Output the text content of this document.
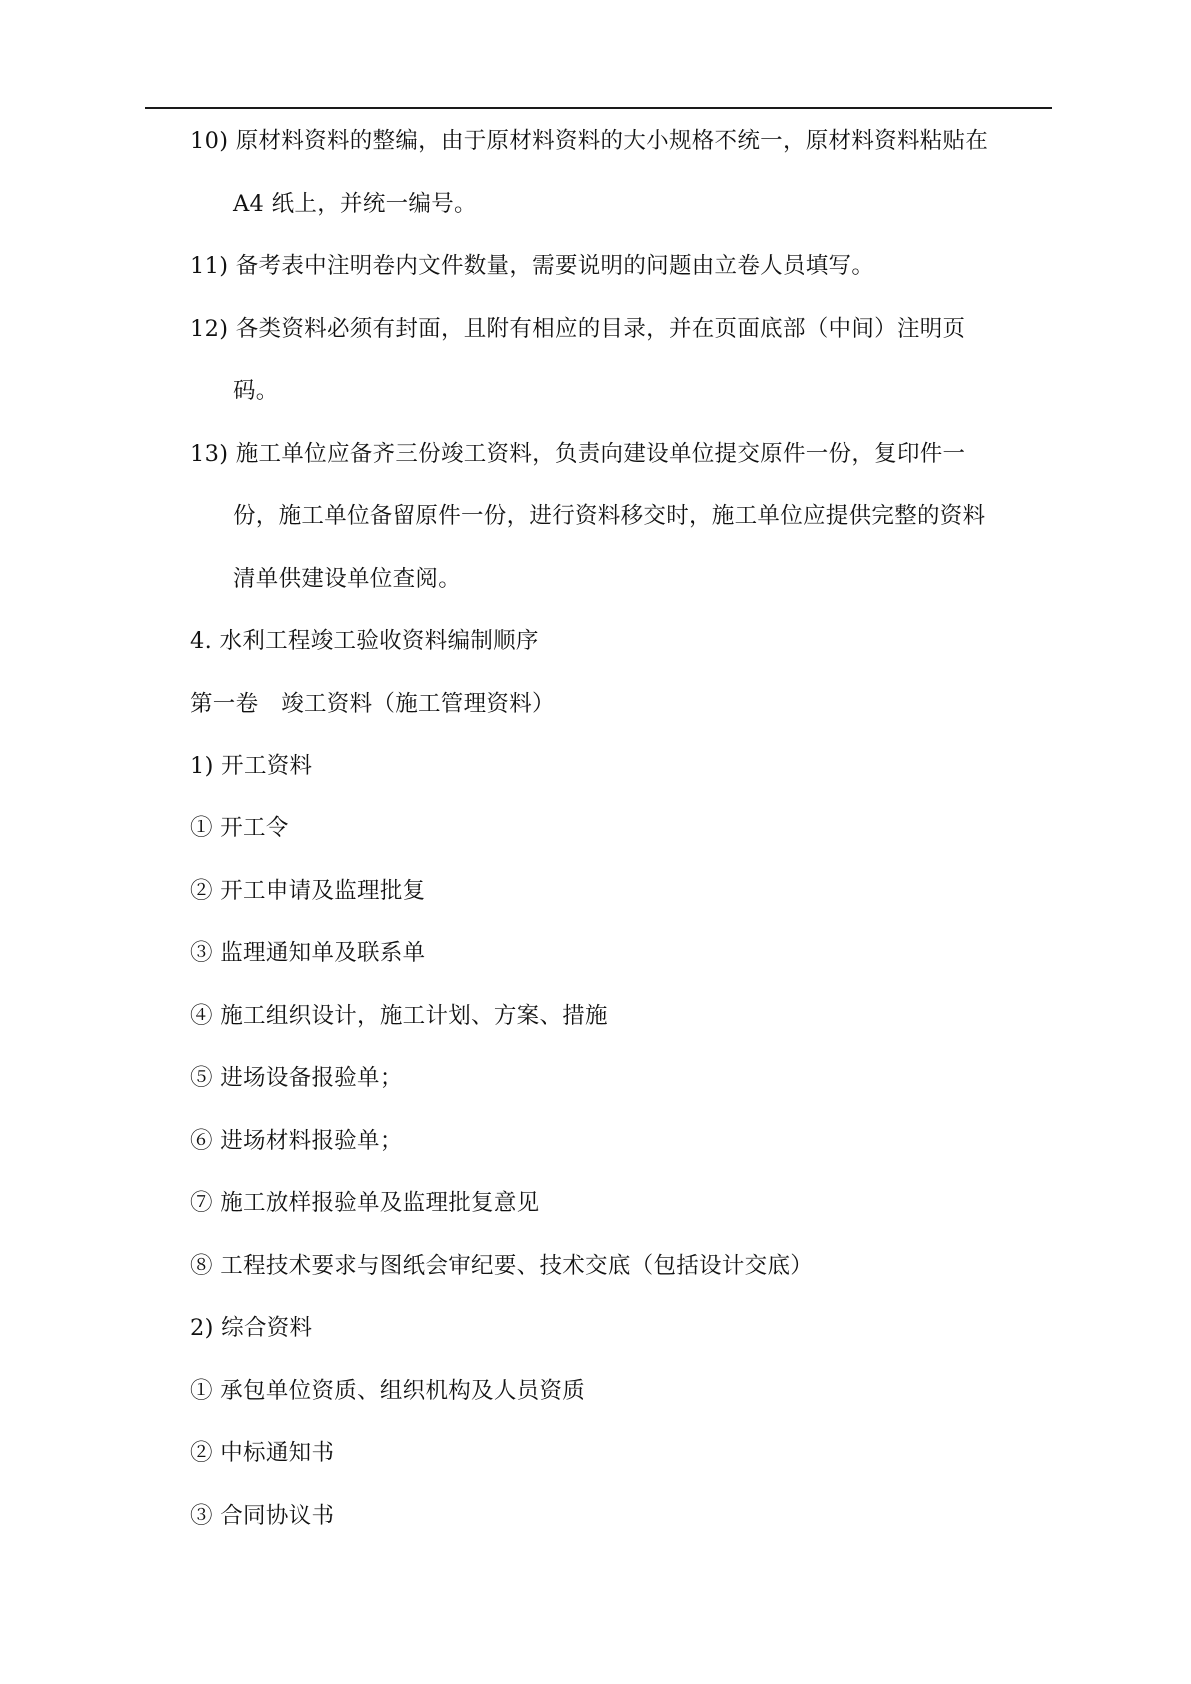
10) 原材料资料的整编，由于原材料资料的大小规格不统一，原材料资料粘贴在
A4 纸上，并统一编号。
11) 备考表中注明卷内文件数量，需要说明的问题由立卷人员填写。
12) 各类资料必须有封面，且附有相应的目录，并在页面底部（中间）注明页
码。
13) 施工单位应备齐三份竣工资料，负责向建设单位提交原件一份，复印件一
份，施工单位备留原件一份，进行资料移交时，施工单位应提供完整的资料
清单供建设单位查阅。
4. 水利工程竣工验收资料编制顺序
第一卷　竣工资料（施工管理资料）
1) 开工资料
① 开工令
② 开工申请及监理批复
③ 监理通知单及联系单
④ 施工组织设计，施工计划、方案、措施
⑤ 进场设备报验单；
⑥ 进场材料报验单；
⑦ 施工放样报验单及监理批复意见
⑧ 工程技术要求与图纸会审纪要、技术交底（包括设计交底）
2) 综合资料
① 承包单位资质、组织机构及人员资质
② 中标通知书
③ 合同协议书
